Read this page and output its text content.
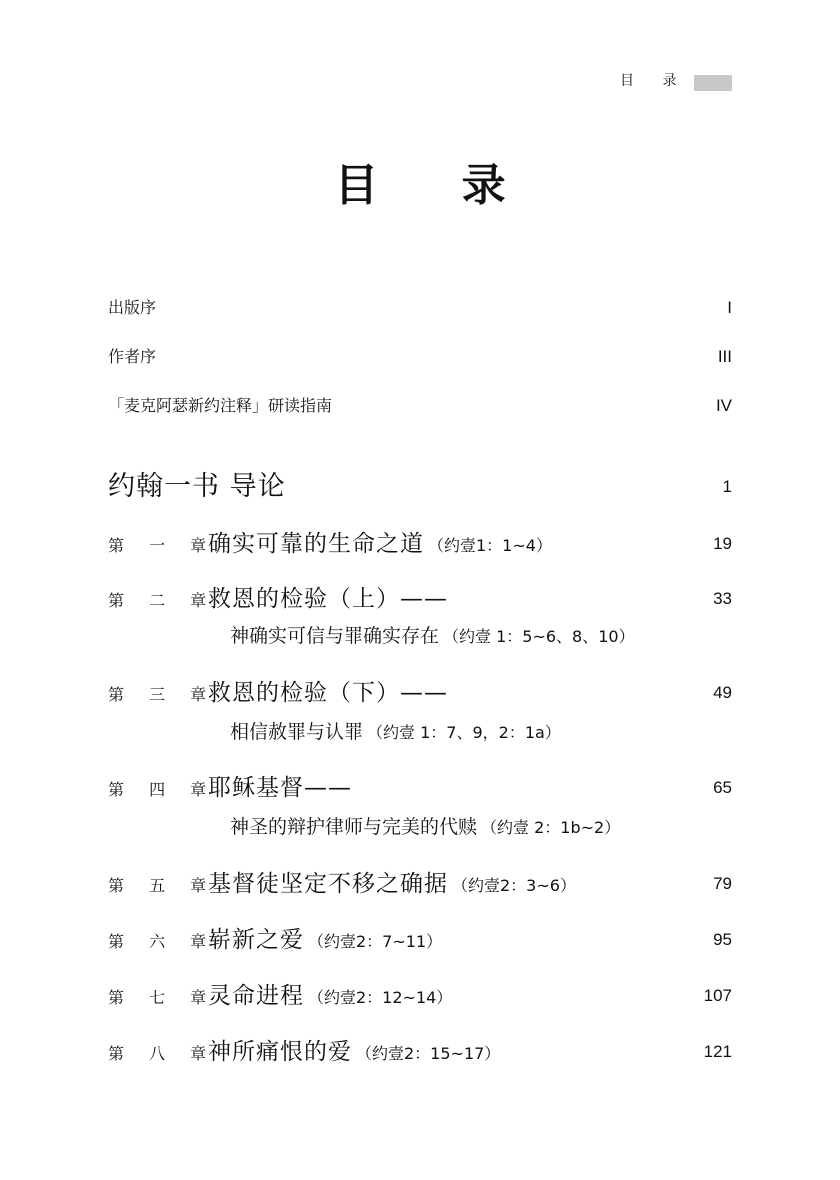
目 录
目 录
出版序	I
作者序	III
「麦克阿瑟新约注释」研读指南	IV
约翰一书 导论	1
第 一 章确实可靠的生命之道 （约壹1：1~4）	19
第 二 章救恩的检验（上）——	33
神确实可信与罪确实存在 （约壹 1：5~6、8、10）
第 三 章救恩的检验（下）——	49
相信赦罪与认罪 （约壹 1：7、9，2：1a）
第 四 章耶稣基督——	65
神圣的辩护律师与完美的代赎 （约壹 2：1b~2）
第 五 章基督徒坚定不移之确据 （约壹2：3~6）	79
第 六 章崭新之爱 （约壹2：7~11）	95
第 七 章灵命进程 （约壹2：12~14）	107
第 八 章神所痛恨的爱 （约壹2：15~17）	121
